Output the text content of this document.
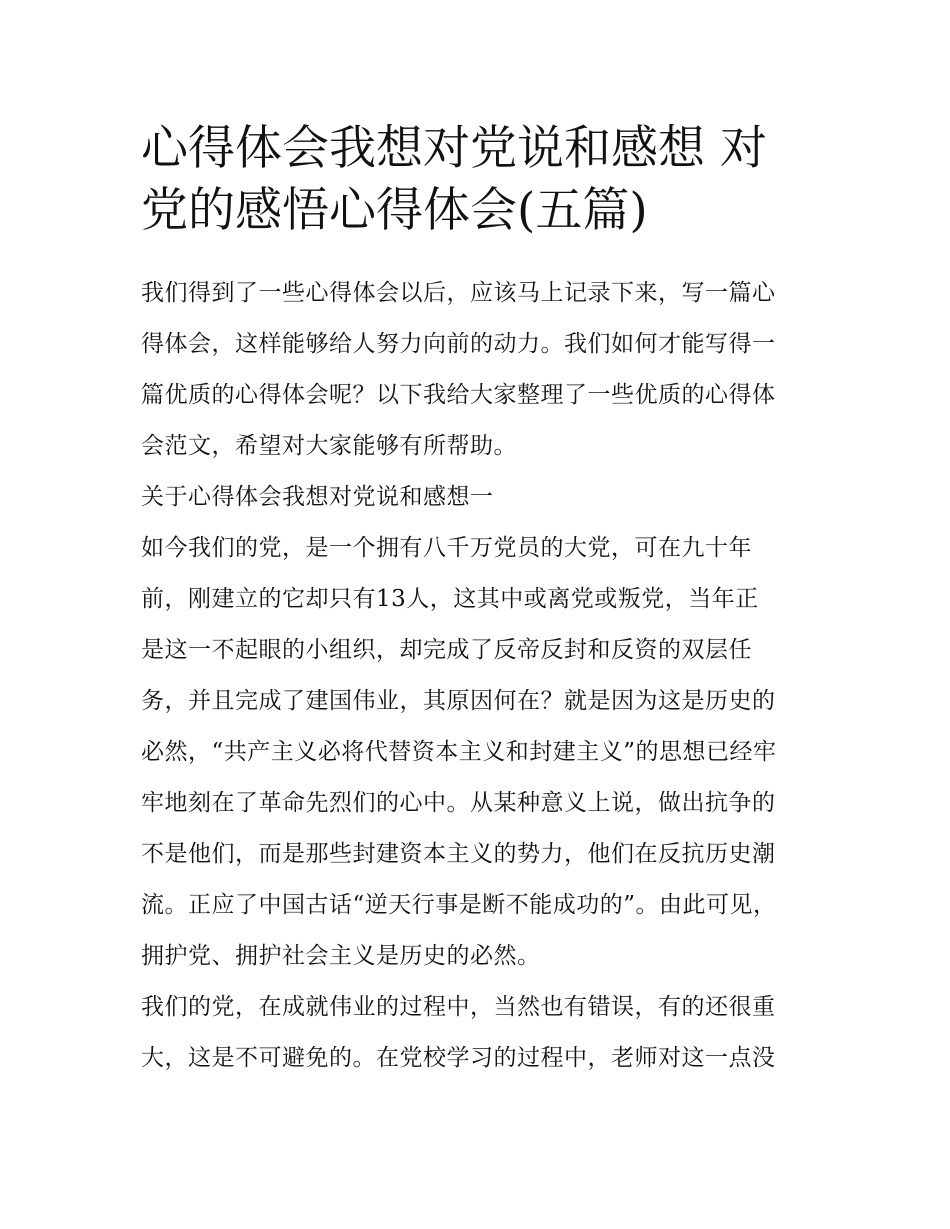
心得体会我想对党说和感想 对
党的感悟心得体会(五篇)

我们得到了一些心得体会以后，应该马上记录下来，写一篇心
得体会，这样能够给人努力向前的动力。我们如何才能写得一
篇优质的心得体会呢？以下我给大家整理了一些优质的心得体
会范文，希望对大家能够有所帮助。

关于心得体会我想对党说和感想一

如今我们的党，是一个拥有八千万党员的大党，可在九十年
前，刚建立的它却只有13人，这其中或离党或叛党，当年正
是这一不起眼的小组织，却完成了反帝反封和反资的双层任
务，并且完成了建国伟业，其原因何在？就是因为这是历史的
必然，“共产主义必将代替资本主义和封建主义”的思想已经牢
牢地刻在了革命先烈们的心中。从某种意义上说，做出抗争的
不是他们，而是那些封建资本主义的势力，他们在反抗历史潮
流。正应了中国古话“逆天行事是断不能成功的”。由此可见，
拥护党、拥护社会主义是历史的必然。

我们的党，在成就伟业的过程中，当然也有错误，有的还很重
大，这是不可避免的。在党校学习的过程中，老师对这一点没
